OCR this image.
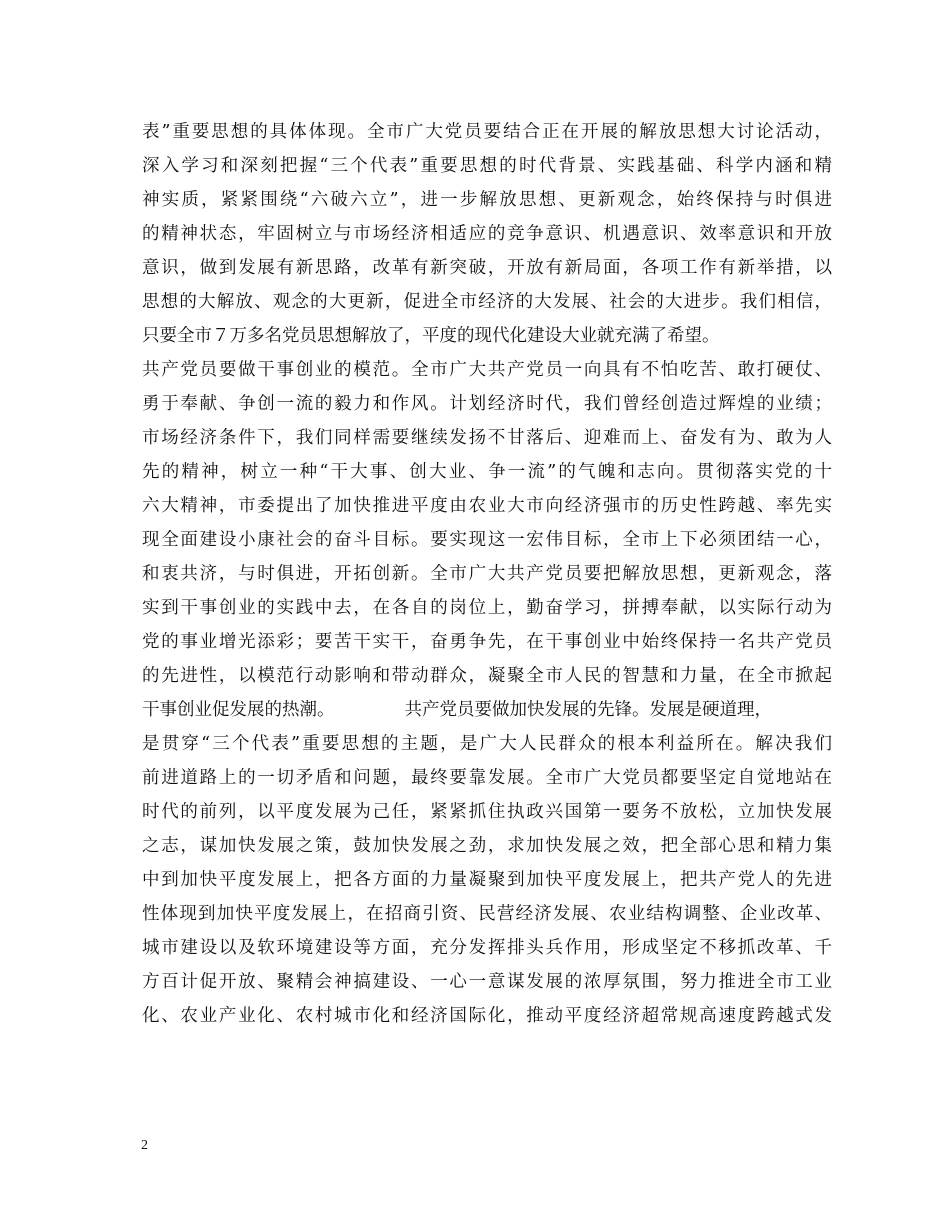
表”重要思想的具体体现。全市广大党员要结合正在开展的解放思想大讨论活动，
深入学习和深刻把握“三个代表”重要思想的时代背景、实践基础、科学内涵和精
神实质，紧紧围绕“六破六立”，进一步解放思想、更新观念，始终保持与时俱进
的精神状态，牢固树立与市场经济相适应的竞争意识、机遇意识、效率意识和开放
意识，做到发展有新思路，改革有新突破，开放有新局面，各项工作有新举措，以
思想的大解放、观念的大更新，促进全市经济的大发展、社会的大进步。我们相信，
只要全市７万多名党员思想解放了，平度的现代化建设大业就充满了希望。
共产党员要做干事创业的模范。全市广大共产党员一向具有不怕吃苦、敢打硬仗、
勇于奉献、争创一流的毅力和作风。计划经济时代，我们曾经创造过辉煌的业绩；
市场经济条件下，我们同样需要继续发扬不甘落后、迎难而上、奋发有为、敢为人
先的精神，树立一种“干大事、创大业、争一流”的气魄和志向。贯彻落实党的十
六大精神，市委提出了加快推进平度由农业大市向经济强市的历史性跨越、率先实
现全面建设小康社会的奋斗目标。要实现这一宏伟目标，全市上下必须团结一心，
和衷共济，与时俱进，开拓创新。全市广大共产党员要把解放思想，更新观念，落
实到干事创业的实践中去，在各自的岗位上，勤奋学习，拼搏奉献，以实际行动为
党的事业增光添彩；要苦干实干，奋勇争先，在干事创业中始终保持一名共产党员
的先进性，以模范行动影响和带动群众，凝聚全市人民的智慧和力量，在全市掀起
干事创业促发展的热潮。	共产党员要做加快发展的先锋。发展是硬道理，
是贯穿“三个代表”重要思想的主题，是广大人民群众的根本利益所在。解决我们
前进道路上的一切矛盾和问题，最终要靠发展。全市广大党员都要坚定自觉地站在
时代的前列，以平度发展为己任，紧紧抓住执政兴国第一要务不放松，立加快发展
之志，谋加快发展之策，鼓加快发展之劲，求加快发展之效，把全部心思和精力集
中到加快平度发展上，把各方面的力量凝聚到加快平度发展上，把共产党人的先进
性体现到加快平度发展上，在招商引资、民营经济发展、农业结构调整、企业改革、
城市建设以及软环境建设等方面，充分发挥排头兵作用，形成坚定不移抓改革、千
方百计促开放、聚精会神搞建设、一心一意谋发展的浓厚氛围，努力推进全市工业
化、农业产业化、农村城市化和经济国际化，推动平度经济超常规高速度跨越式发
2
